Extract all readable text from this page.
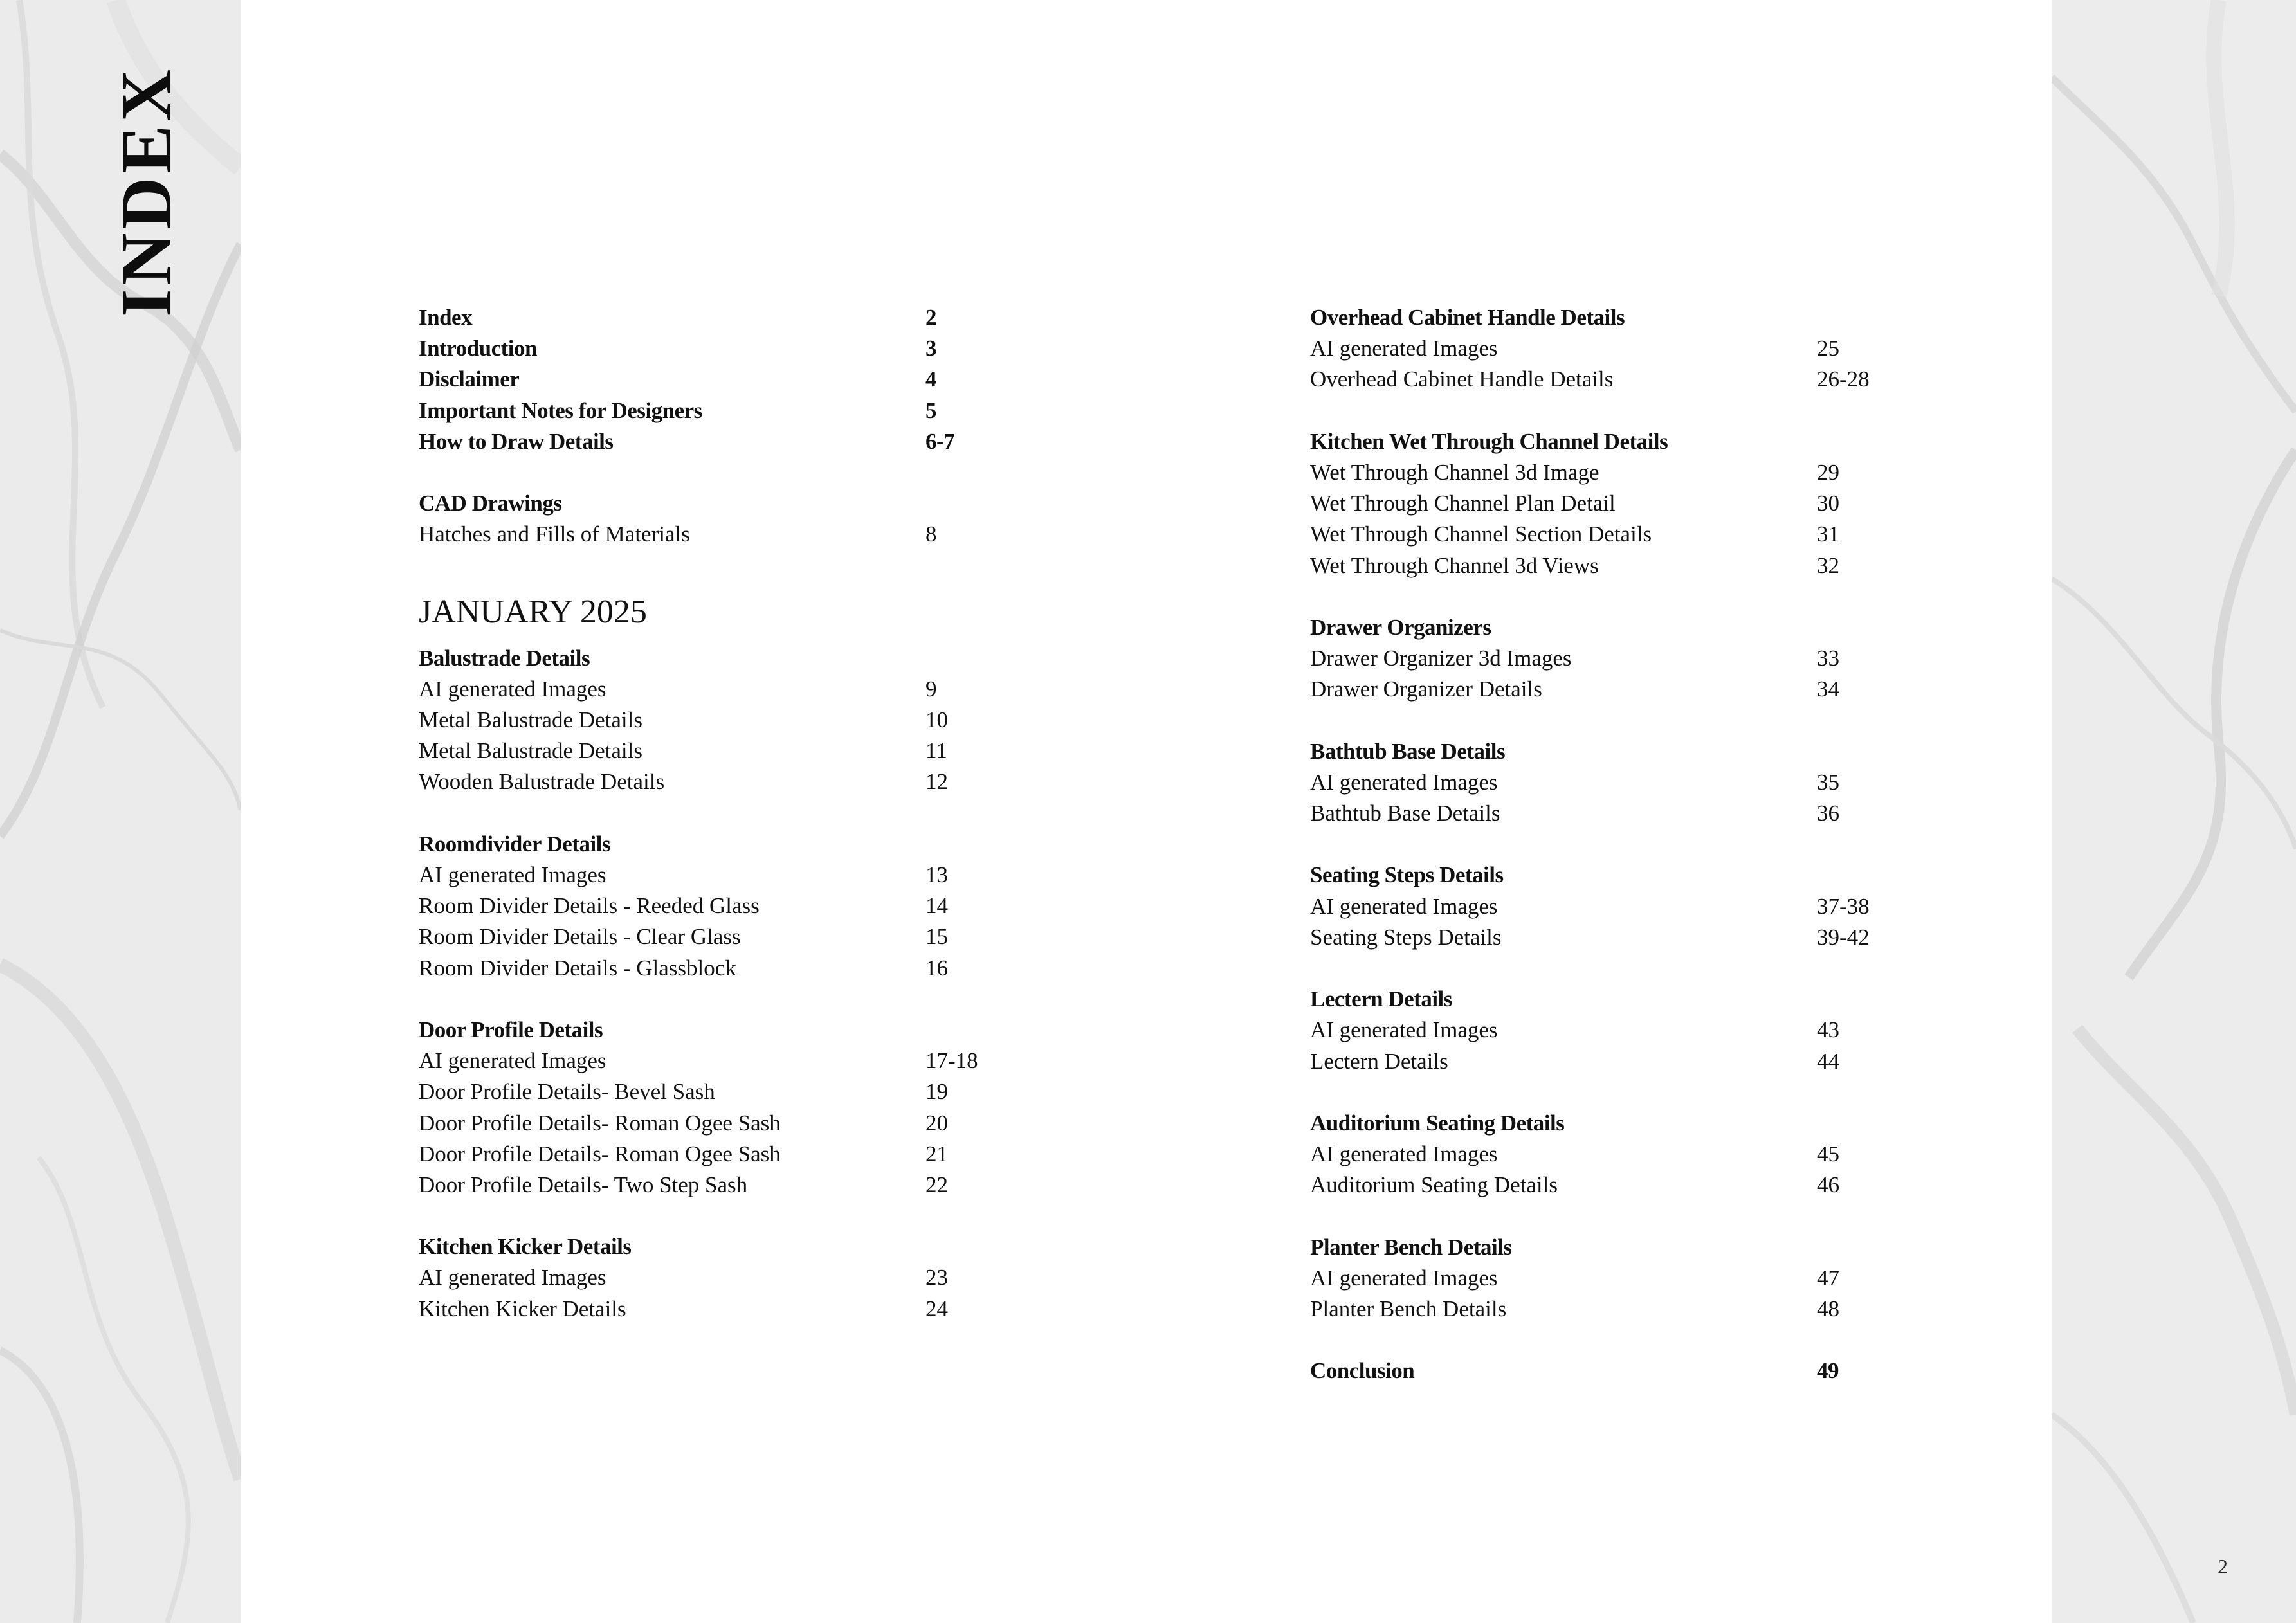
INDEX
Index	2
Introduction	3
Disclaimer	4
Important Notes for Designers	5
How to Draw Details	6-7
CAD Drawings
Hatches and Fills of Materials	8
JANUARY 2025
Balustrade Details
AI generated Images	9
Metal Balustrade Details	10
Metal Balustrade Details	11
Wooden Balustrade Details	12
Roomdivider Details
AI generated Images	13
Room Divider Details - Reeded Glass	14
Room Divider Details - Clear Glass	15
Room Divider Details - Glassblock	16
Door Profile Details
AI generated Images	17-18
Door Profile Details- Bevel Sash	19
Door Profile Details- Roman Ogee Sash	20
Door Profile Details- Roman Ogee Sash	21
Door Profile Details- Two Step Sash	22
Kitchen Kicker Details
AI generated Images	23
Kitchen Kicker Details	24
Overhead Cabinet Handle Details
AI generated Images	25
Overhead Cabinet Handle Details	26-28
Kitchen Wet Through Channel Details
Wet Through Channel 3d Image	29
Wet Through Channel Plan Detail	30
Wet Through Channel Section Details	31
Wet Through Channel 3d Views	32
Drawer Organizers
Drawer Organizer 3d Images	33
Drawer Organizer Details	34
Bathtub Base Details
AI generated Images	35
Bathtub Base Details	36
Seating Steps Details
AI generated Images	37-38
Seating Steps Details	39-42
Lectern Details
AI generated Images	43
Lectern Details	44
Auditorium Seating Details
AI generated Images	45
Auditorium Seating Details	46
Planter Bench Details
AI generated Images	47
Planter Bench Details	48
Conclusion	49
2
